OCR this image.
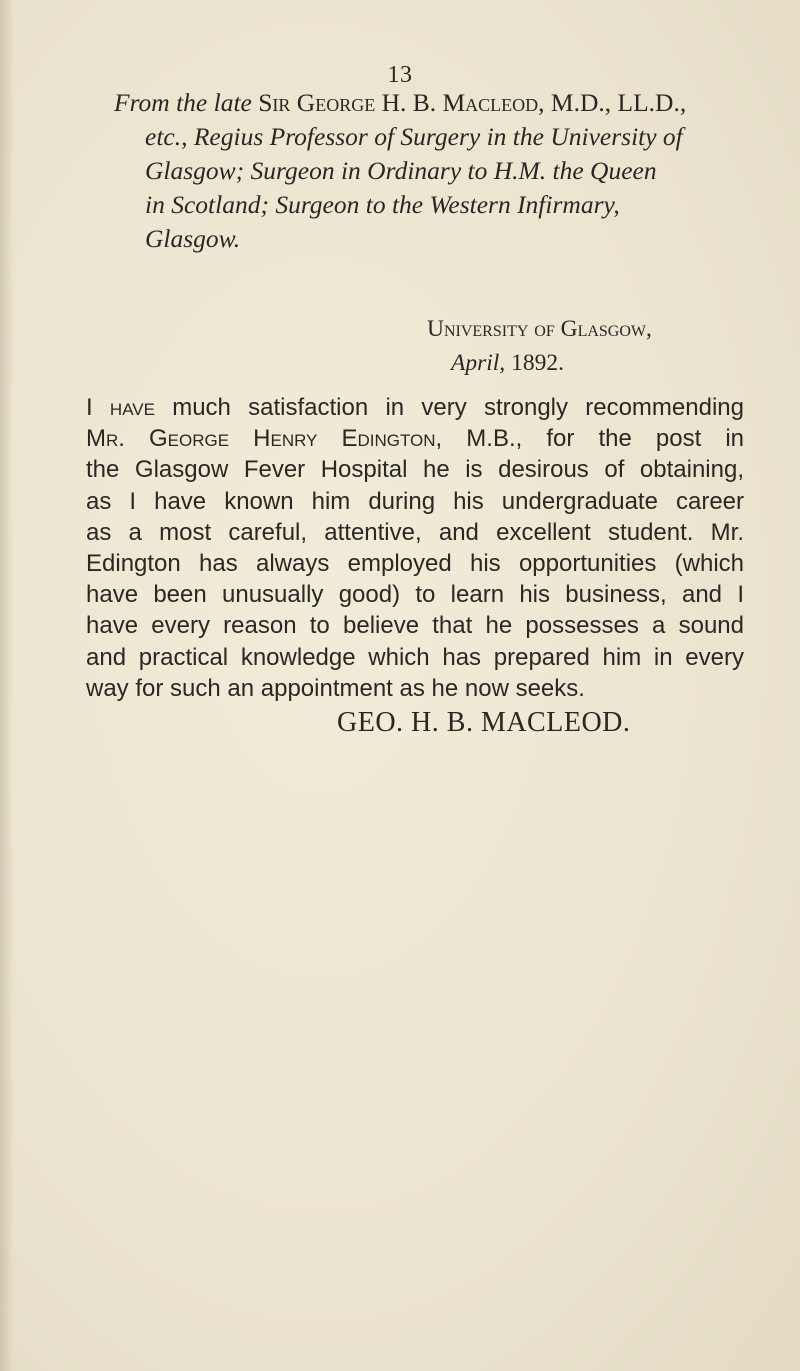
13
From the late Sir George H. B. Macleod, M.D., LL.D.,
etc., Regius Professor of Surgery in the University of
Glasgow; Surgeon in Ordinary to H.M. the Queen
in Scotland; Surgeon to the Western Infirmary,
Glasgow.
University of Glasgow,
April, 1892.
I have much satisfaction in very strongly recommending
Mr. George Henry Edington, M.B., for the post in
the Glasgow Fever Hospital he is desirous of obtaining,
as I have known him during his undergraduate career
as a most careful, attentive, and excellent student. Mr.
Edington has always employed his opportunities (which
have been unusually good) to learn his business, and I
have every reason to believe that he possesses a sound
and practical knowledge which has prepared him in every
way for such an appointment as he now seeks.
GEO. H. B. MACLEOD.
